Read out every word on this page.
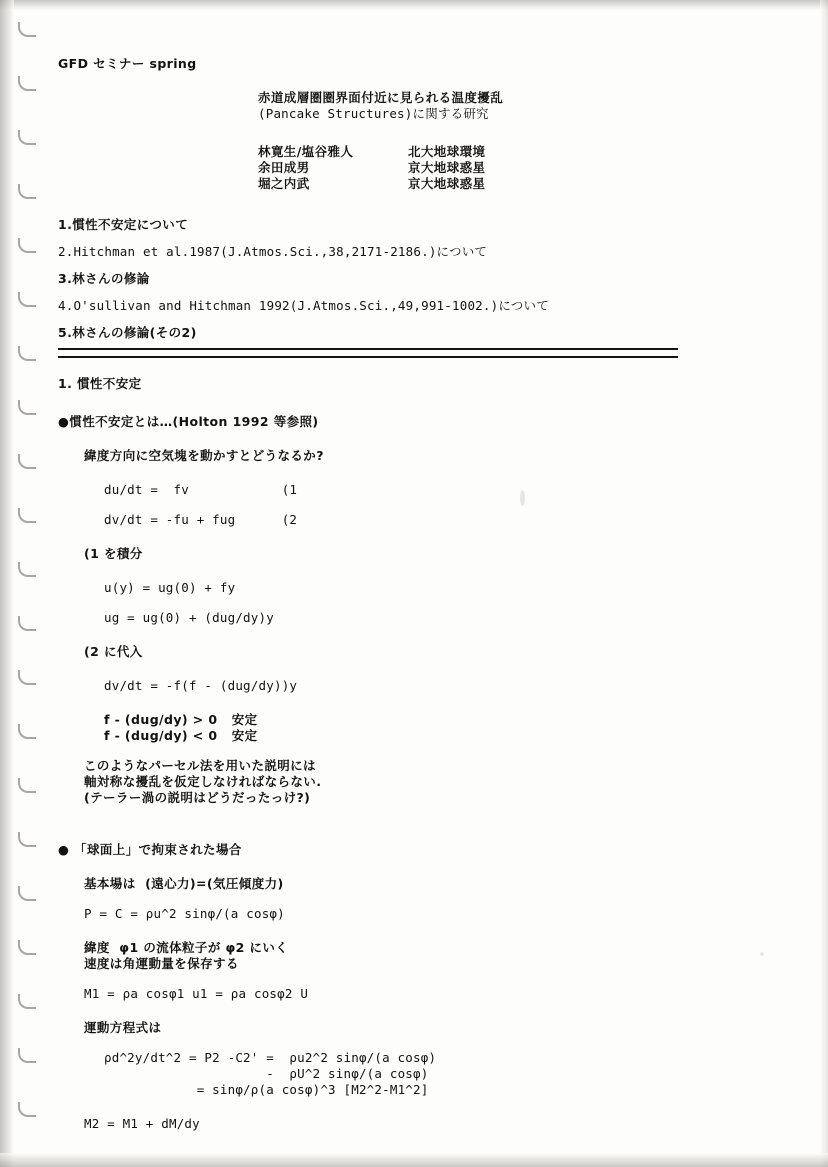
GFD セミナー spring
赤道成層圏圏界面付近に見られる温度擾乱
(Pancake Structures)に関する研究
林寛生/塩谷雅人	北大地球環境
余田成男	京大地球惑星
堀之内武	京大地球惑星
1.慣性不安定について
2.Hitchman et al.1987(J.Atmos.Sci.,38,2171-2186.)について
3.林さんの修論
4.O'sullivan and Hitchman 1992(J.Atmos.Sci.,49,991-1002.)について
5.林さんの修論(その2)
1. 慣性不安定
●慣性不安定とは…(Holton 1992 等参照)
緯度方向に空気塊を動かすとどうなるか?
du/dt =  fv            (1
dv/dt = -fu + fug      (2
(1 を積分
u(y) = ug(0) + fy
ug = ug(0) + (dug/dy)y
(2 に代入
dv/dt = -f(f - (dug/dy))y
f - (dug/dy) > 0   安定
f - (dug/dy) < 0   安定
このようなパーセル法を用いた説明には
軸対称な擾乱を仮定しなければならない.
(テーラー渦の説明はどうだったっけ?)
● 「球面上」で拘束された場合
基本場は  (遠心力)=(気圧傾度力)
P = C = ρu^2 sinφ/(a cosφ)
緯度  φ1 の流体粒子が φ2 にいく
速度は角運動量を保存する
M1 = ρa cosφ1 u1 = ρa cosφ2 U
運動方程式は
ρd^2y/dt^2 = P2 -C2' =  ρu2^2 sinφ/(a cosφ)
-  ρU^2 sinφ/(a cosφ)
= sinφ/ρ(a cosφ)^3 [M2^2-M1^2]
M2 = M1 + dM/dy
